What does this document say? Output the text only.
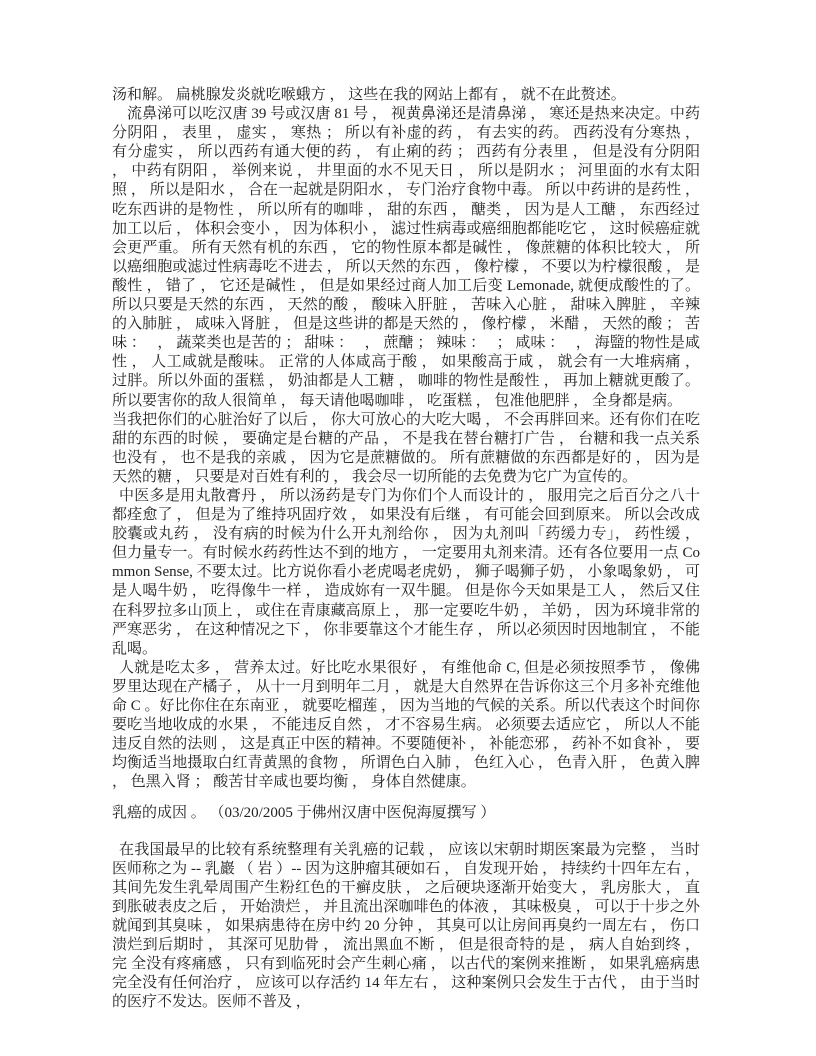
汤和解。 扁桃腺发炎就吃喉蛾方 ， 这些在我的网站上都有 ， 就不在此赘述。

流鼻涕可以吃汉唐 39 号或汉唐 81 号 ， 视黄鼻涕还是清鼻涕 ， 寒还是热来决定。中药分阴阳 ， 表里 ， 虚实 ， 寒热 ； 所以有补虚的药 ， 有去实的药。 西药没有分寒热 ， 有分虚实 ， 所以西药有通大便的药 ， 有止痢的药 ； 西药有分表里 ， 但是没有分阴阳 ， 中药有阴阳 ， 举例来说 ， 井里面的水不见天日 ， 所以是阴水 ； 河里面的水有太阳照 ， 所以是阳水 ， 合在一起就是阴阳水 ， 专门治疗食物中毒。 所以中药讲的是药性 ， 吃东西讲的是物性 ， 所以所有的咖啡 ， 甜的东西 ， 醣类 ， 因为是人工醣 ， 东西经过加工以后 ， 体积会变小 ， 因为体积小 ， 滤过性病毒或癌细胞都能吃它 ， 这时候癌症就会更严重。 所有天然有机的东西 ， 它的物性原本都是碱性 ， 像蔗糖的体积比较大 ， 所以癌细胞或滤过性病毒吃不进去 ， 所以天然的东西 ， 像柠檬 ， 不要以为柠檬很酸 ， 是酸性 ， 错了 ， 它还是碱性 ， 但是如果经过商人加工后变 Lemonade, 就便成酸性的了。 所以只要是天然的东西 ， 天然的酸 ， 酸味入肝脏 ， 苦味入心脏 ， 甜味入脾脏 ， 辛辣的入肺脏 ， 咸味入肾脏 ， 但是这些讲的都是天然的 ， 像柠檬 ， 米醋 ， 天然的酸 ； 苦味 ：   ， 蔬菜类也是苦的 ； 甜味 ：   ， 蔗醣 ； 辣味 ：   ； 咸味 ：   ， 海盬的物性是咸性 ， 人工咸就是酸味。 正常的人体咸高于酸 ， 如果酸高于咸 ， 就会有一大堆病痛 ， 过胖。所以外面的蛋糕 ， 奶油都是人工糖 ， 咖啡的物性是酸性 ， 再加上糖就更酸了。所以要害你的敌人很简单 ， 每天请他喝咖啡 ， 吃蛋糕 ， 包准他肥胖 ， 全身都是病。

当我把你们的心脏治好了以后 ， 你大可放心的大吃大喝 ， 不会再胖回来。还有你们在吃甜的东西的时候 ， 要确定是台糖的产品 ， 不是我在替台糖打广告 ， 台糖和我一点关系也没有 ， 也不是我的亲戚 ， 因为它是蔗糖做的。 所有蔗糖做的东西都是好的 ， 因为是天然的糖 ， 只要是对百姓有利的 ， 我会尽一切所能的去免费为它广为宣传的。

中医多是用丸散膏丹 ， 所以汤药是专门为你们个人而设计的 ， 服用完之后百分之八十都痊愈了 ， 但是为了维持巩固疗效 ， 如果没有后继 ， 有可能会回到原来。 所以会改成胶囊或丸药 ， 没有病的时候为什么开丸剂给你 ， 因为丸剂叫「药缓力专」， 药性缓 ， 但力量专一。有时候水药药性达不到的地方 ， 一定要用丸剂来清。还有各位要用一点 Common Sense, 不要太过。比方说你看小老虎喝老虎奶 ， 狮子喝狮子奶 ， 小象喝象奶 ， 可是人喝牛奶 ， 吃得像牛一样 ， 造成妳有一双牛腿。 但是你今天如果是工人 ， 然后又住在科罗拉多山顶上 ， 或住在青康藏高原上 ， 那一定要吃牛奶 ， 羊奶 ， 因为环境非常的严寒恶劣 ， 在这种情况之下 ， 你非要靠这个才能生存 ， 所以必须因时因地制宜 ， 不能乱喝。

人就是吃太多 ， 营养太过。好比吃水果很好 ， 有维他命 C, 但是必须按照季节 ， 像佛罗里达现在产橘子 ， 从十一月到明年二月 ， 就是大自然界在告诉你这三个月多补充维他命 C 。好比你住在东南亚 ， 就要吃榴莲 ， 因为当地的气候的关系。所以代表这个时间你要吃当地收成的水果 ， 不能违反自然 ， 才不容易生病。 必须要去适应它 ， 所以人不能违反自然的法则 ， 这是真正中医的精神。不要随便补 ， 补能恋邪 ， 药补不如食补 ， 要均衡适当地摄取白红青黄黑的食物 ， 所谓色白入肺 ， 色红入心 ， 色青入肝 ， 色黄入脾 ， 色黑入肾 ； 酸苦甘辛咸也要均衡 ， 身体自然健康。

乳癌的成因 。 （03/20/2005 于佛州汉唐中医倪海厦撰写 ）

在我国最早的比较有系统整理有关乳癌的记载 ， 应该以宋朝时期医案最为完整 ， 当时医师称之为 -- 乳巖 （ 岩 ）-- 因为这肿瘤其硬如石 ， 自发现开始 ， 持续约十四年左右 ， 其间先发生乳晕周围产生粉红色的干癣皮肤 ， 之后硬块逐渐开始变大 ， 乳房胀大 ， 直到胀破表皮之后 ， 开始溃烂 ， 并且流出深咖啡色的体液 ， 其味极臭 ， 可以于十步之外就闻到其臭味 ， 如果病患待在房中约 20 分钟 ， 其臭可以让房间再臭约一周左右 ， 伤口溃烂到后期时 ， 其深可见肋骨 ， 流出黑血不断 ， 但是很奇特的是 ， 病人自始到终 ， 完 全没有疼痛感 ， 只有到临死时会产生刺心痛 ， 以古代的案例来推断 ， 如果乳癌病患完全没有任何治疗 ， 应该可以存活约 14 年左右 ， 这种案例只会发生于古代 ， 由于当时的医疗不发达。医师不普及 ，
